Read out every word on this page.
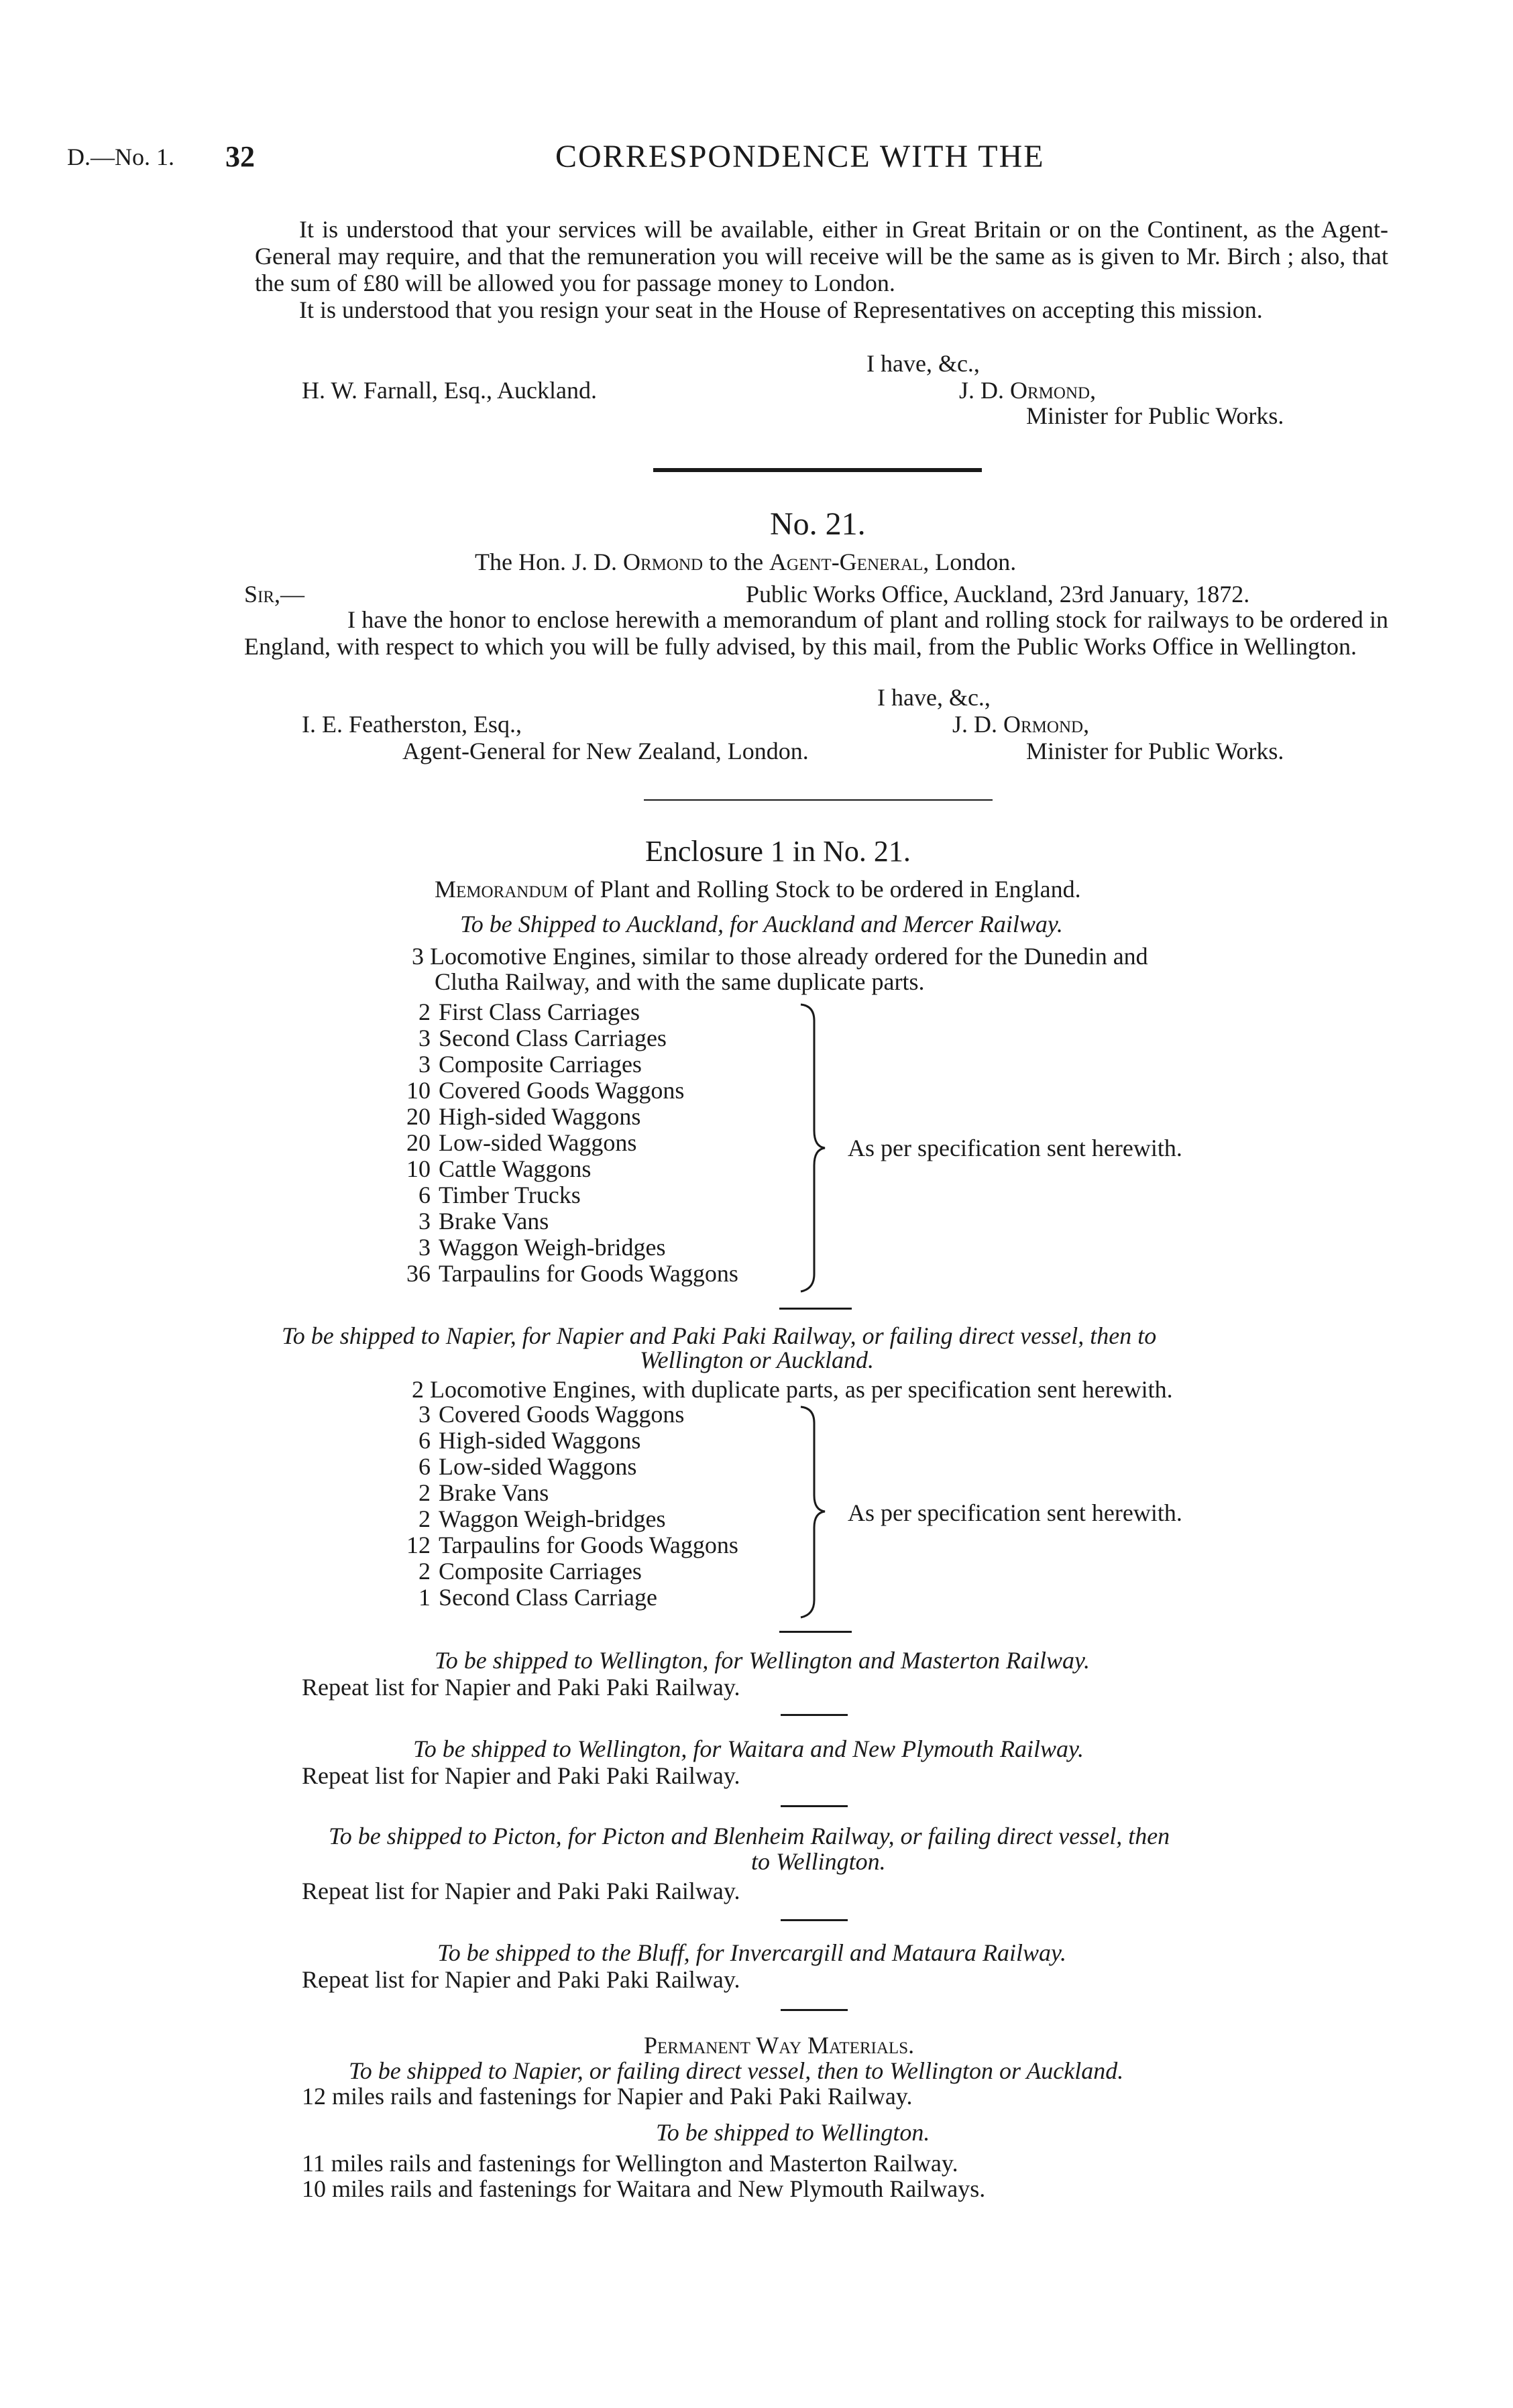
D.—No. 1. 32	CORRESPONDENCE WITH THE
It is understood that your services will be available, either in Great Britain or on the Continent, as the Agent-General may require, and that the remuneration you will receive will be the same as is given to Mr. Birch ; also, that the sum of £80 will be allowed you for passage money to London.
It is understood that you resign your seat in the House of Representatives on accepting this mission.
I have, &c.,
H. W. Farnall, Esq., Auckland.	J. D. Ormond,
Minister for Public Works.
No. 21.
The Hon. J. D. Ormond to the Agent-General, London.
Sir,—	Public Works Office, Auckland, 23rd January, 1872.
I have the honor to enclose herewith a memorandum of plant and rolling stock for railways to be ordered in England, with respect to which you will be fully advised, by this mail, from the Public Works Office in Wellington.
I have, &c.,
I. E. Featherston, Esq.,	J. D. Ormond,
Agent-General for New Zealand, London.	Minister for Public Works.
Enclosure 1 in No. 21.
Memorandum of Plant and Rolling Stock to be ordered in England.
To be Shipped to Auckland, for Auckland and Mercer Railway.
3 Locomotive Engines, similar to those already ordered for the Dunedin and
Clutha Railway, and with the same duplicate parts.
2 First Class Carriages
3 Second Class Carriages
3 Composite Carriages
10 Covered Goods Waggons
20 High-sided Waggons
20 Low-sided Waggons
10 Cattle Waggons
6 Timber Trucks
3 Brake Vans
3 Waggon Weigh-bridges
36 Tarpaulins for Goods Waggons
As per specification sent herewith.
To be shipped to Napier, for Napier and Paki Paki Railway, or failing direct vessel, then to
Wellington or Auckland.
2 Locomotive Engines, with duplicate parts, as per specification sent herewith.
3 Covered Goods Waggons
6 High-sided Waggons
6 Low-sided Waggons
2 Brake Vans
2 Waggon Weigh-bridges
12 Tarpaulins for Goods Waggons
2 Composite Carriages
1 Second Class Carriage
As per specification sent herewith.
To be shipped to Wellington, for Wellington and Masterton Railway.
Repeat list for Napier and Paki Paki Railway.
To be shipped to Wellington, for Waitara and New Plymouth Railway.
Repeat list for Napier and Paki Paki Railway.
To be shipped to Picton, for Picton and Blenheim Railway, or failing direct vessel, then
to Wellington.
Repeat list for Napier and Paki Paki Railway.
To be shipped to the Bluff, for Invercargill and Mataura Railway.
Repeat list for Napier and Paki Paki Railway.
Permanent Way Materials.
To be shipped to Napier, or failing direct vessel, then to Wellington or Auckland.
12 miles rails and fastenings for Napier and Paki Paki Railway.
To be shipped to Wellington.
11 miles rails and fastenings for Wellington and Masterton Railway.
10 miles rails and fastenings for Waitara and New Plymouth Railways.
